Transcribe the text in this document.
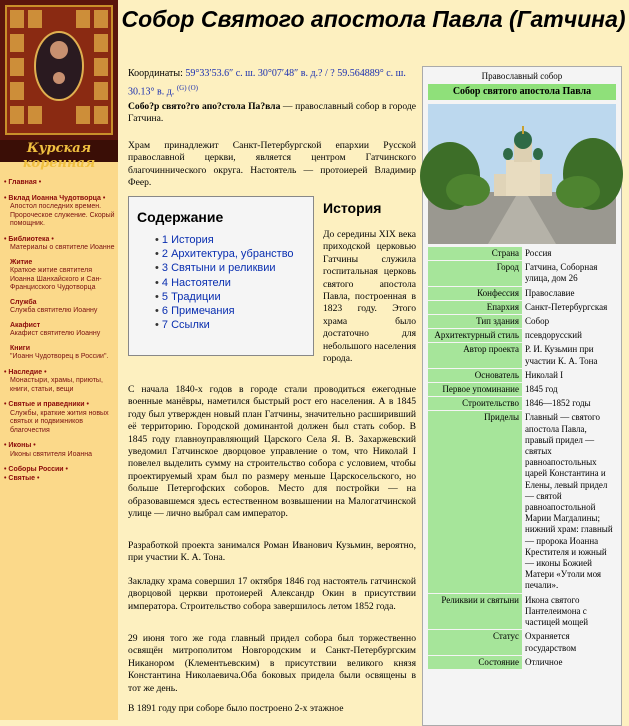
Курская коренная
• Главная •
• Вклад Иоанна Чудотворца •
Апостол последних времен. Пророческое служение. Скорый помощник.
• Библиотека •
Материалы о святителе Иоанне
Житие
Краткое житие святителя Иоанна Шанхайского и Сан-Францисского Чудотворца
Служба
Служба святителю Иоанну
Акафист
Акафист святителю Иоанну
Книги
"Иоанн Чудотворец в России".
• Наследие •
Монастыри, храмы, приюты, книги, статьи, вещи
• Святые и праведники •
Службы, краткие жития новых святых и подвижников благочестия
• Иконы •
Иконы святителя Иоанна
• Соборы России •
• Святые •
Собор Святого апостола Павла (Гатчина)
Координаты: 59°33′53.6″ с. ш. 30°07′48″ в. д.? / ? 59.564889° с. ш. 30.13° в. д. $^{(G) (O)}$

Собо?р свято?го апо?стола Па?вла — православный собор в городе Гатчина.

Храм принадлежит Санкт-Петербургской епархии Русской православной церкви, является центром Гатчинского благочиннического округа. Настоятель — протоиерей Владимир Феер.

Содержание
• 1 История
• 2 Архитектура, убранство
• 3 Святыни и реликвии
• 4 Настоятели
• 5 Традиции
• 6 Примечания
• 7 Ссылки
История

До середины XIX века приходской церковью Гатчины служила госпитальная церковь святого апостола Павла, построенная в 1823 году. Этого храма было достаточно для небольшого населения города.

С начала 1840-х годов в городе стали проводиться ежегодные военные манёвры, наметился быстрый рост его населения. А в 1845 году был утвержден новый план Гатчины, значительно расширивший её территорию. Городской доминантой должен был стать собор. В 1845 году главноуправляющий Царского Села Я. В. Захаржевский уведомил Гатчинское дворцовое управление о том, что Николай I повелел выделить сумму на строительство собора с условием, чтобы проектируемый храм был по размеру меньше Царскосельского, но больше Петергофских соборов. Место для постройки — на образовавшемся здесь естественном возвышении на Малогатчинской улице — лично выбрал сам император.

Разработкой проекта занимался Роман Иванович Кузьмин, вероятно, при участии К. А. Тона.

Закладку храма совершил 17 октября 1846 год настоятель гатчинской дворцовой церкви протоиерей Александр Окин в присутствии императора. Строительство собора завершилось летом 1852 года.

29 июня того же года главный придел собора был торжественно освящён митрополитом Новгородским и Санкт-Петербургским Никанором (Клементьевским) в присутствии великого князя Константина Николаевича.Оба боковых придела были освящены в тот же день.

В 1891 году при соборе было построено 2-х этажное

Православный собор
Собор святого апостола Павла
Страна	Россия
Город	Гатчина, Соборная улица, дом 26
Конфессия	Православие
Епархия	Санкт-Петербургская
Тип здания	Собор
Архитектурный стиль	псевдорусский
Автор проекта	Р. И. Кузьмин при участии К. А. Тона
Основатель	Николай I
Первое упоминание	1845 год
Строительство	1846—1852 годы
Приделы	Главный — святого апостола Павла, правый придел — святых равноапостольных царей Константина и Елены, левый придел — святой равноапостольной Марии Магдалины; нижний храм: главный — пророка Иоанна Крестителя и южный — иконы Божией Матери «Утоли моя печали».
Реликвии и святыни	Икона святого Пантелеимона с частицей мощей
Статус	Охраняется государством
Состояние	Отличное
